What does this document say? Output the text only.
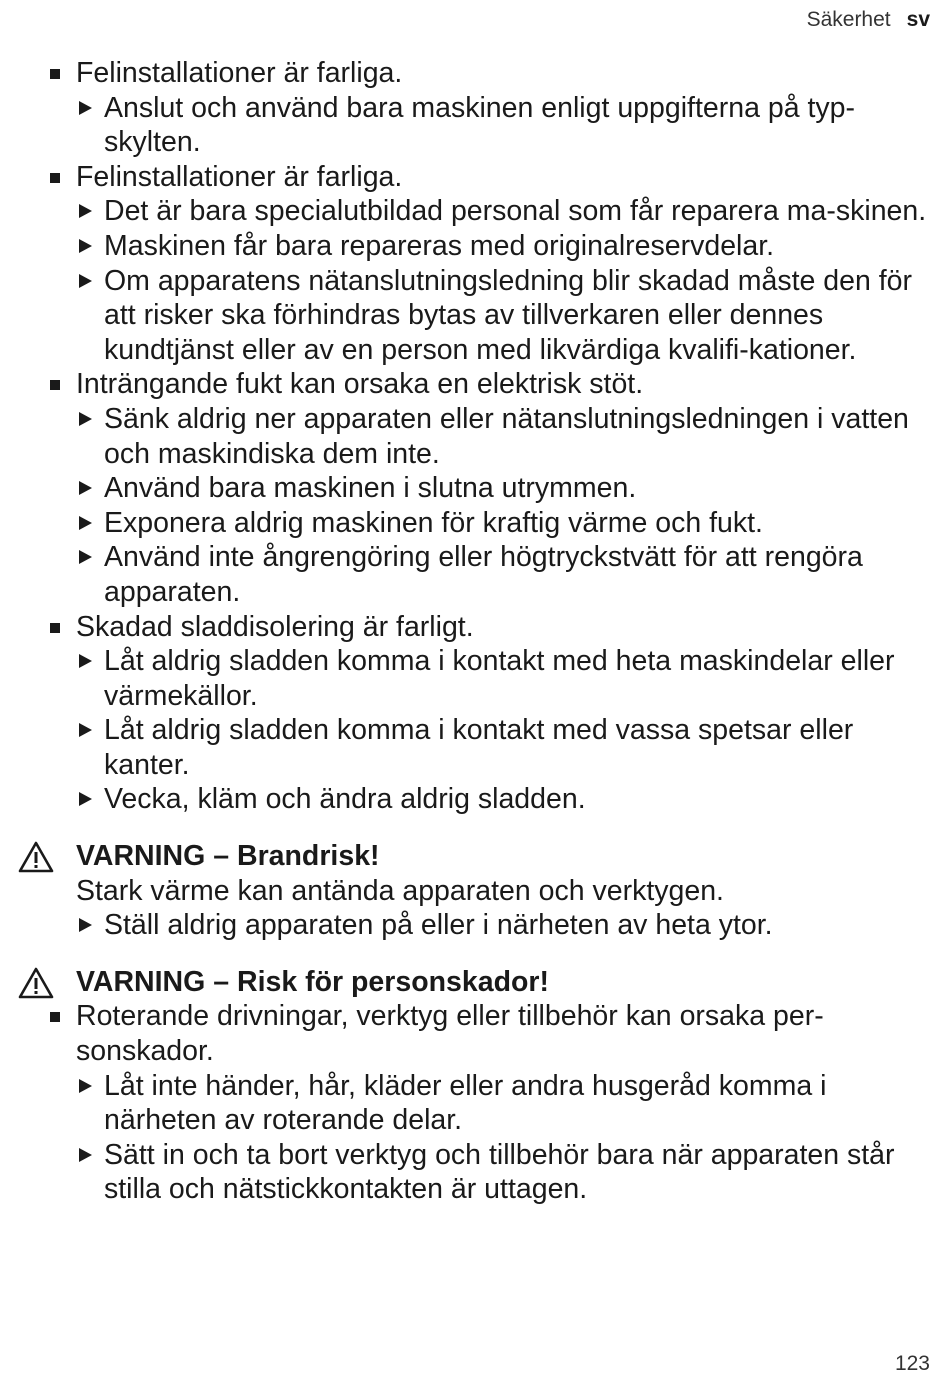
Säkerhet sv
Felinstallationer är farliga.
Anslut och använd bara maskinen enligt uppgifterna på typ-skylten.
Felinstallationer är farliga.
Det är bara specialutbildad personal som får reparera ma-skinen.
Maskinen får bara repareras med originalreservdelar.
Om apparatens nätanslutningsledning blir skadad måste den för att risker ska förhindras bytas av tillverkaren eller dennes kundtjänst eller av en person med likvärdiga kvalifi-kationer.
Inträngande fukt kan orsaka en elektrisk stöt.
Sänk aldrig ner apparaten eller nätanslutningsledningen i vatten och maskindiska dem inte.
Använd bara maskinen i slutna utrymmen.
Exponera aldrig maskinen för kraftig värme och fukt.
Använd inte ångrengöring eller högtryckstvätt för att rengöra apparaten.
Skadad sladdisolering är farligt.
Låt aldrig sladden komma i kontakt med heta maskindelar eller värmekällor.
Låt aldrig sladden komma i kontakt med vassa spetsar eller kanter.
Vecka, kläm och ändra aldrig sladden.
VARNING – Brandrisk!
Stark värme kan antända apparaten och verktygen.
Ställ aldrig apparaten på eller i närheten av heta ytor.
VARNING – Risk för personskador!
Roterande drivningar, verktyg eller tillbehör kan orsaka per-sonskador.
Låt inte händer, hår, kläder eller andra husgeråd komma i närheten av roterande delar.
Sätt in och ta bort verktyg och tillbehör bara när apparaten står stilla och nätstickkontakten är uttagen.
123
